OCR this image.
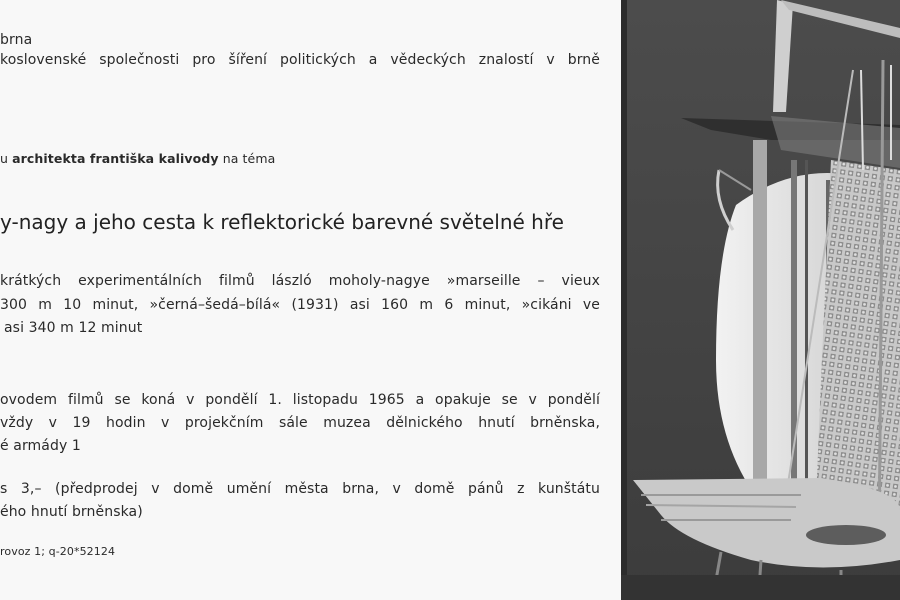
brna
koslovenské společnosti pro šíření politických a vědeckých znalostí v brně
u architekta františka kalivody na téma
y-nagy a jeho cesta k reflektorické barevné světelné hře
krátkých experimentálních filmů lászló moholy-nagye »marseille – vieux
300 m 10 minut, »černá–šedá–bílá« (1931) asi 160 m 6 minut, »cikáni ve
asi 340 m 12 minut
ovodem filmů se koná v pondělí 1. listopadu 1965 a opakuje se v pondělí
vždy v 19 hodin v projekčním sále muzea dělnického hnutí brněnska,
é armády 1
s 3,– (předprodej v domě umění města brna, v domě pánů z kunštátu
ého hnutí brněnska)
rovoz 1; q-20*52124
